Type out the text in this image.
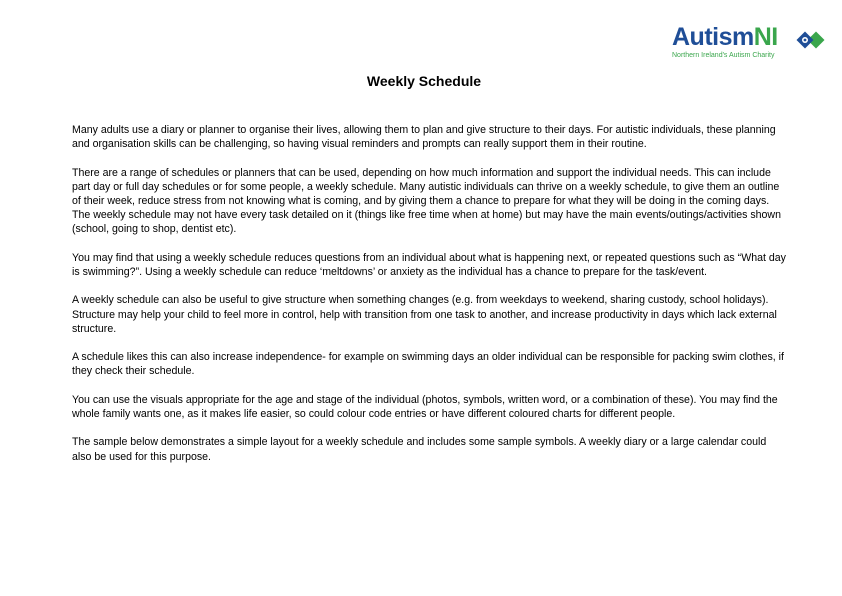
AutismNI
Northern Ireland's Autism Charity
Weekly Schedule

Many adults use a diary or planner to organise their lives, allowing them to plan and give structure to their days. For autistic individuals, these planning and organisation skills can be challenging, so having visual reminders and prompts can really support them in their routine.

There are a range of schedules or planners that can be used, depending on how much information and support the individual needs. This can include part day or full day schedules or for some people, a weekly schedule. Many autistic individuals can thrive on a weekly schedule, to give them an outline of their week, reduce stress from not knowing what is coming, and by giving them a chance to prepare for what they will be doing in the coming days. The weekly schedule may not have every task detailed on it (things like free time when at home) but may have the main events/outings/activities shown (school, going to shop, dentist etc).

You may find that using a weekly schedule reduces questions from an individual about what is happening next, or repeated questions such as “What day is swimming?”. Using a weekly schedule can reduce ‘meltdowns’ or anxiety as the individual has a chance to prepare for the task/event.

A weekly schedule can also be useful to give structure when something changes (e.g. from weekdays to weekend, sharing custody, school holidays). Structure may help your child to feel more in control, help with transition from one task to another, and increase productivity in days which lack external structure.

A schedule likes this can also increase independence- for example on swimming days an older individual can be responsible for packing swim clothes, if they check their schedule.

You can use the visuals appropriate for the age and stage of the individual (photos, symbols, written word, or a combination of these). You may find the whole family wants one, as it makes life easier, so could colour code entries or have different coloured charts for different people.

The sample below demonstrates a simple layout for a weekly schedule and includes some sample symbols. A weekly diary or a large calendar could also be used for this purpose.
